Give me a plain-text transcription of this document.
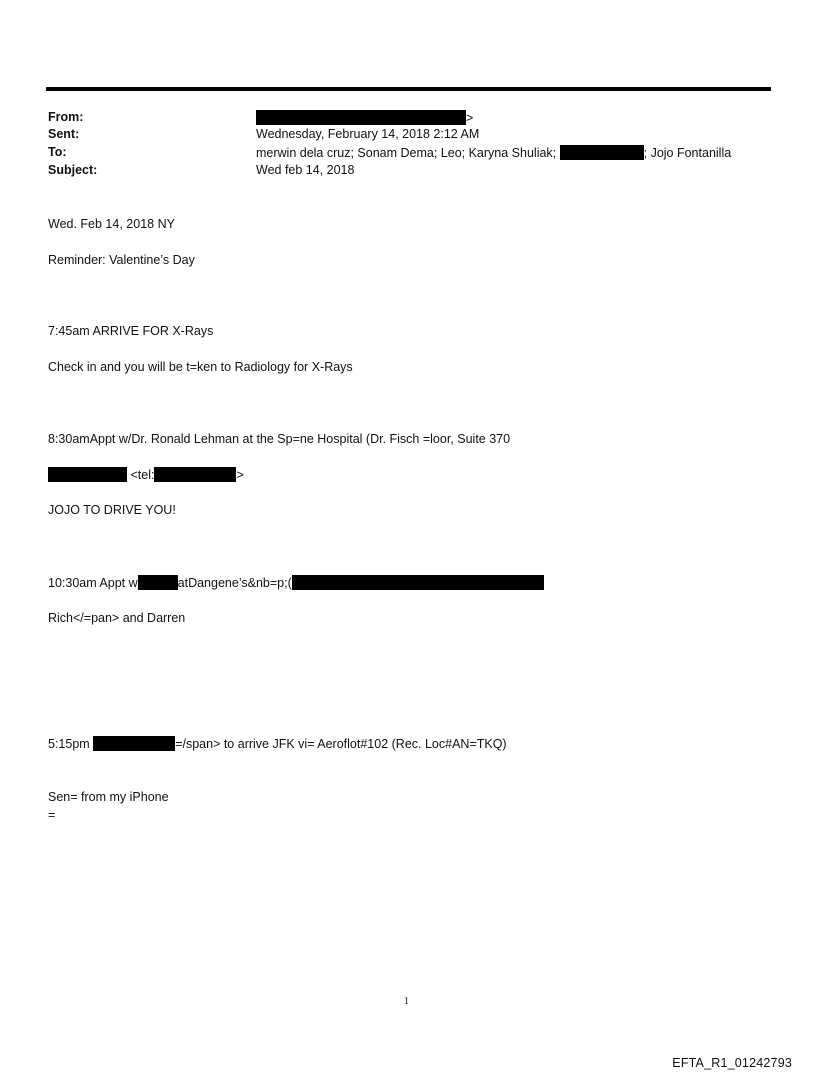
From:	>
Sent:	Wednesday, February 14, 2018 2:12 AM
To:	merwin dela cruz; Sonam Dema; Leo; Karyna Shuliak;	; Jojo Fontanilla
Subject:	Wed feb 14, 2018
Wed. Feb 14, 2018 NY
Reminder: Valentine’s Day
7:45am ARRIVE FOR X-Rays
Check in and you will be t=ken to Radiology for X-Rays
8:30amAppt w/Dr. Ronald Lehman at the Sp=ne Hospital (Dr. Fisch =loor, Suite 370
<tel:	>
JOJO TO DRIVE YOU!
10:30am Appt w	atDangene’s&nb=p;(
Rich</=pan> and Darren
5:15pm	=/span> to arrive JFK vi= Aeroflot#102 (Rec. Loc#AN=TKQ)
Sen= from my iPhone
=
1
EFTA_R1_01242793
